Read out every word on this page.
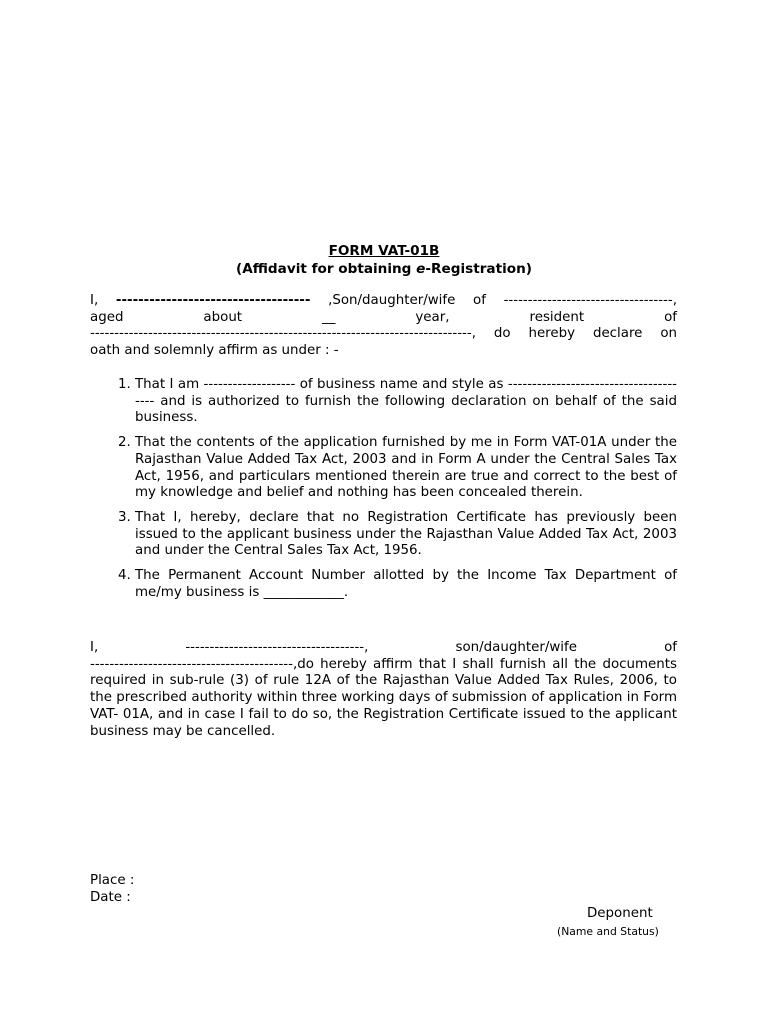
FORM VAT-01B
(Affidavit for obtaining e-Registration)
I, ----------------------------------- ,Son/daughter/wife of -----------------------------------,
aged about __ year, resident of
-------------------------------------------------------------------------------, do hereby declare on
oath and solemnly affirm as under : -
1. That I am ------------------- of business name and style as --------------------------------------- and is authorized to furnish the following declaration on behalf of the said business.
2. That the contents of the application furnished by me in Form VAT-01A under the Rajasthan Value Added Tax Act, 2003 and in Form A under the Central Sales Tax Act, 1956, and particulars mentioned therein are true and correct to the best of my knowledge and belief and nothing has been concealed therein.
3. That I, hereby, declare that no Registration Certificate has previously been issued to the applicant business under the Rajasthan Value Added Tax Act, 2003 and under the Central Sales Tax Act, 1956.
4. The Permanent Account Number allotted by the Income Tax Department of me/my business is ____________.
I, -------------------------------------, son/daughter/wife of
------------------------------------------,do hereby affirm that I shall furnish all the documents required in sub-rule (3) of rule 12A of the Rajasthan Value Added Tax Rules, 2006, to the prescribed authority within three working days of submission of application in Form VAT- 01A, and in case I fail to do so, the Registration Certificate issued to the applicant business may be cancelled.
Place :
Date :
Deponent
(Name and Status)
